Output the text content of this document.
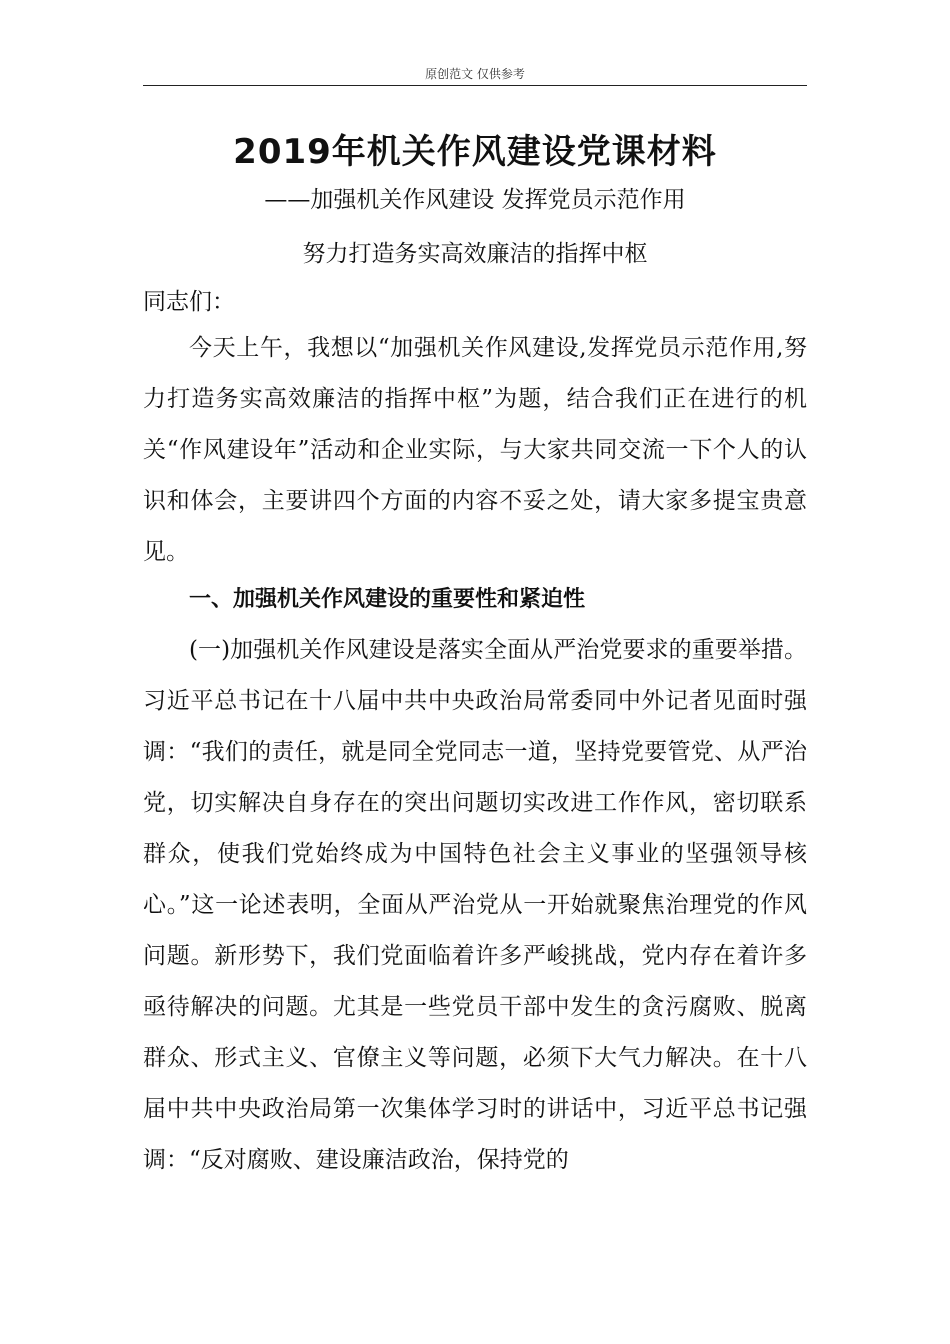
原创范文 仅供参考
2019年机关作风建设党课材料
——加强机关作风建设 发挥党员示范作用
努力打造务实高效廉洁的指挥中枢
同志们：
今天上午，我想以“加强机关作风建设,发挥党员示范作用,努力打造务实高效廉洁的指挥中枢”为题，结合我们正在进行的机关“作风建设年”活动和企业实际，与大家共同交流一下个人的认识和体会，主要讲四个方面的内容不妥之处，请大家多提宝贵意见。
一、加强机关作风建设的重要性和紧迫性
(一)加强机关作风建设是落实全面从严治党要求的重要举措。习近平总书记在十八届中共中央政治局常委同中外记者见面时强调：“我们的责任，就是同全党同志一道，坚持党要管党、从严治党，切实解决自身存在的突出问题切实改进工作作风，密切联系群众，使我们党始终成为中国特色社会主义事业的坚强领导核心。”这一论述表明，全面从严治党从一开始就聚焦治理党的作风问题。新形势下，我们党面临着许多严峻挑战，党内存在着许多亟待解决的问题。尤其是一些党员干部中发生的贪污腐败、脱离群众、形式主义、官僚主义等问题，必须下大气力解决。在十八届中共中央政治局第一次集体学习时的讲话中，习近平总书记强调：“反对腐败、建设廉洁政治，保持党的
